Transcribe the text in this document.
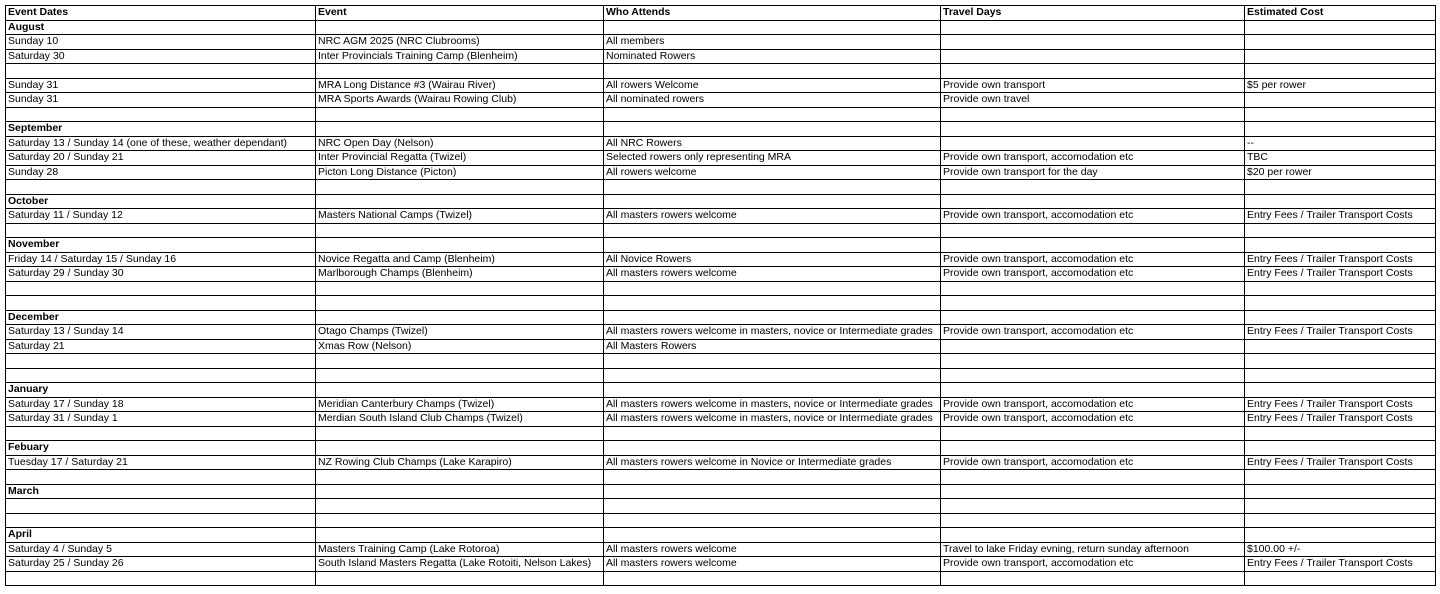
Event Dates	Event	Who Attends	Travel Days	Estimated Cost
August				
Sunday 10	NRC AGM 2025 (NRC Clubrooms)	All members		
Saturday 30	Inter Provincials Training Camp (Blenheim)	Nominated Rowers		

Sunday 31	MRA Long Distance #3 (Wairau River)	All rowers Welcome	Provide own transport	$5 per rower
Sunday 31	MRA Sports Awards (Wairau Rowing Club)	All nominated rowers	Provide own travel	

September				
Saturday 13 / Sunday 14 (one of these, weather dependant)	NRC Open Day (Nelson)	All NRC Rowers		--
Saturday 20 / Sunday 21	Inter Provincial Regatta (Twizel)	Selected rowers only representing MRA	Provide own transport, accomodation etc	TBC
Sunday 28	Picton Long Distance (Picton)	All rowers welcome	Provide own transport for the day	$20 per rower

October				
Saturday 11 / Sunday 12	Masters National Camps (Twizel)	All masters rowers welcome	Provide own transport, accomodation etc	Entry Fees / Trailer Transport Costs

November				
Friday 14 / Saturday 15 / Sunday 16	Novice Regatta and Camp (Blenheim)	All Novice Rowers	Provide own transport, accomodation etc	Entry Fees / Trailer Transport Costs
Saturday 29 / Sunday 30	Marlborough Champs (Blenheim)	All masters rowers welcome	Provide own transport, accomodation etc	Entry Fees / Trailer Transport Costs

December				
Saturday 13 / Sunday 14	Otago Champs (Twizel)	All masters rowers welcome in masters, novice or Intermediate grades	Provide own transport, accomodation etc	Entry Fees / Trailer Transport Costs
Saturday 21	Xmas Row (Nelson)	All Masters Rowers		

January				
Saturday 17 / Sunday 18	Meridian Canterbury Champs (Twizel)	All masters rowers welcome in masters, novice or Intermediate grades	Provide own transport, accomodation etc	Entry Fees / Trailer Transport Costs
Saturday 31 / Sunday 1	Merdian South Island Club Champs (Twizel)	All masters rowers welcome in masters, novice or Intermediate grades	Provide own transport, accomodation etc	Entry Fees / Trailer Transport Costs

Febuary				
Tuesday 17 / Saturday 21	NZ Rowing Club Champs (Lake Karapiro)	All masters rowers welcome in Novice or Intermediate grades	Provide own transport, accomodation etc	Entry Fees / Trailer Transport Costs

March				

April				
Saturday 4 / Sunday 5	Masters Training Camp (Lake Rotoroa)	All masters rowers welcome	Travel to lake Friday evning, return sunday afternoon	$100.00 +/-
Saturday 25 / Sunday 26	South Island Masters Regatta (Lake Rotoiti, Nelson Lakes)	All masters rowers welcome	Provide own transport, accomodation etc	Entry Fees / Trailer Transport Costs
